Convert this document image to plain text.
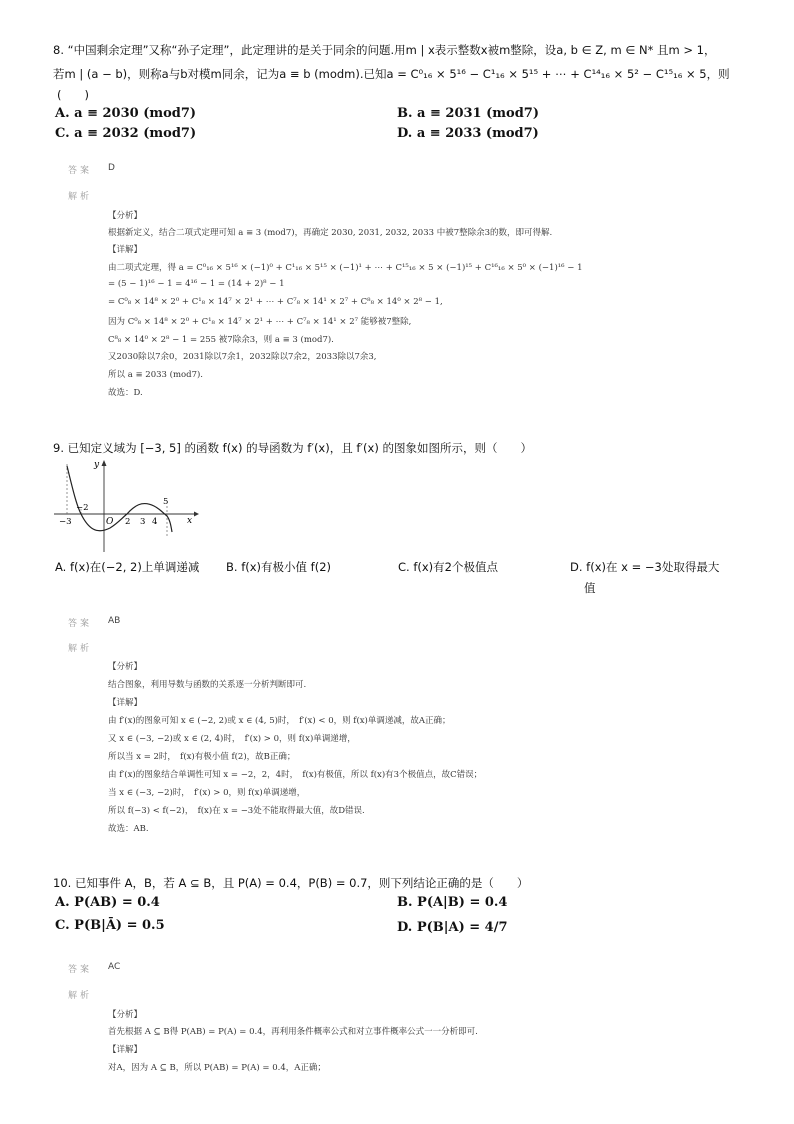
8. “中国剩余定理”又称“孙子定理”，此定理讲的是关于同余的问题.用m | x表示整数x被m整除，设a, b ∈ Z, m ∈ N* 且m > 1，
若m | (a − b)，则称a与b对模m同余，记为a ≡ b (modm).已知a = C⁰₁₆ × 5¹⁶ − C¹₁₆ × 5¹⁵ + ⋯ + C¹⁴₁₆ × 5² − C¹⁵₁₆ × 5，则
(　　)
A. a ≡ 2030 (mod7)	B. a ≡ 2031 (mod7)
C. a ≡ 2032 (mod7)	D. a ≡ 2033 (mod7)
答案 D
解析
【分析】
根据新定义，结合二项式定理可知 a ≡ 3 (mod7)，再确定 2030, 2031, 2032, 2033 中被7整除余3的数，即可得解.
【详解】
由二项式定理，得 a = C⁰₁₆ × 5¹⁶ × (−1)⁰ + C¹₁₆ × 5¹⁵ × (−1)¹ + ⋯ + C¹⁵₁₆ × 5 × (−1)¹⁵ + C¹⁶₁₆ × 5⁰ × (−1)¹⁶ − 1
= (5 − 1)¹⁶ − 1 = 4¹⁶ − 1 = (14 + 2)⁸ − 1
= C⁰₈ × 14⁸ × 2⁰ + C¹₈ × 14⁷ × 2¹ + ⋯ + C⁷₈ × 14¹ × 2⁷ + C⁸₈ × 14⁰ × 2⁸ − 1,
因为 C⁰₈ × 14⁸ × 2⁰ + C¹₈ × 14⁷ × 2¹ + ⋯ + C⁷₈ × 14¹ × 2⁷ 能够被7整除,
C⁸₈ × 14⁰ × 2⁸ − 1 = 255 被7除余3，则 a ≡ 3 (mod7).
又2030除以7余0，2031除以7余1，2032除以7余2，2033除以7余3,
所以 a ≡ 2033 (mod7).
故选：D.
9. 已知定义域为 [−3, 5] 的函数 f(x) 的导函数为 f′(x)，且 f′(x) 的图象如图所示，则（　　）
y
x
O
−3
−2
2 3 4
5
A. f(x)在(−2, 2)上单调递减 B. f(x)有极小值 f(2)	C. f(x)有2个极值点	D. f(x)在 x = −3处取得最大
值
答案 AB
解析
【分析】
结合图象，利用导数与函数的关系逐一分析判断即可.
【详解】
由 f′(x)的图象可知 x ∈ (−2, 2)或 x ∈ (4, 5)时，　f′(x) < 0，则 f(x)单调递减，故A正确；
又 x ∈ (−3, −2)或 x ∈ (2, 4)时，　f′(x) > 0，则 f(x)单调递增，
所以当 x = 2时，　f(x)有极小值 f(2)，故B正确；
由 f′(x)的图象结合单调性可知 x = −2，2，4时，　f(x)有极值，所以 f(x)有3个极值点，故C错误；
当 x ∈ (−3, −2)时，　f′(x) > 0，则 f(x)单调递增，
所以 f(−3) < f(−2)，　f(x)在 x = −3处不能取得最大值，故D错误.
故选：AB.
10. 已知事件 A，B，若 A ⊆ B，且 P(A) = 0.4，P(B) = 0.7，则下列结论正确的是（　　）
A. P(AB) = 0.4	B. P(A|B) = 0.4
C. P(B|Ā) = 0.5	D. P(B|A) = 4/7
答案 AC
解析
【分析】
首先根据 A ⊆ B得 P(AB) = P(A) = 0.4，再利用条件概率公式和对立事件概率公式一一分析即可.
【详解】
对A，因为 A ⊆ B，所以 P(AB) = P(A) = 0.4，A正确；
